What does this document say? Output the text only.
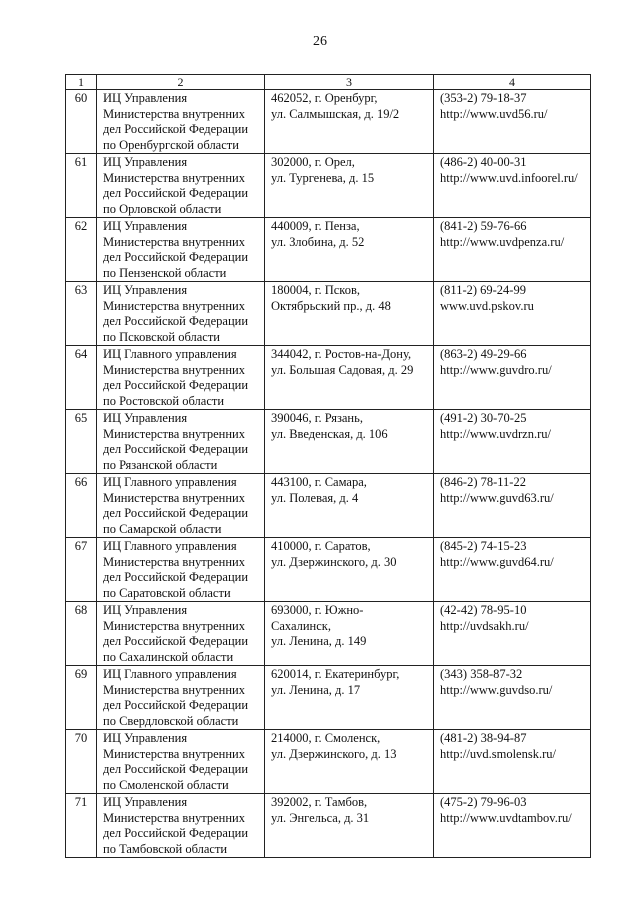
26
1	2	3	4
60	ИЦ Управления
Министерства внутренних
дел Российской Федерации
по Оренбургской области	462052, г. Оренбург,
ул. Салмышская, д. 19/2	(353-2) 79-18-37
http://www.uvd56.ru/

61	ИЦ Управления
Министерства внутренних
дел Российской Федерации
по Орловской области	302000, г. Орел,
ул. Тургенева, д. 15	(486-2) 40-00-31
http://www.uvd.infoorel.ru/

62	ИЦ Управления
Министерства внутренних
дел Российской Федерации
по Пензенской области	440009, г. Пенза,
ул. Злобина, д. 52	(841-2) 59-76-66
http://www.uvdpenza.ru/

63	ИЦ Управления
Министерства внутренних
дел Российской Федерации
по Псковской области	180004, г. Псков,
Октябрьский пр., д. 48	(811-2) 69-24-99
www.uvd.pskov.ru

64	ИЦ Главного управления
Министерства внутренних
дел Российской Федерации
по Ростовской области	344042, г. Ростов-на-Дону,
ул. Большая Садовая, д. 29	(863-2) 49-29-66
http://www.guvdro.ru/

65	ИЦ Управления
Министерства внутренних
дел Российской Федерации
по Рязанской области	390046, г. Рязань,
ул. Введенская, д. 106	(491-2) 30-70-25
http://www.uvdrzn.ru/

66	ИЦ Главного управления
Министерства внутренних
дел Российской Федерации
по Самарской области	443100, г. Самара,
ул. Полевая, д. 4	(846-2) 78-11-22
http://www.guvd63.ru/

67	ИЦ Главного управления
Министерства внутренних
дел Российской Федерации
по Саратовской области	410000, г. Саратов,
ул. Дзержинского, д. 30	(845-2) 74-15-23
http://www.guvd64.ru/

68	ИЦ Управления
Министерства внутренних
дел Российской Федерации
по Сахалинской области	693000, г. Южно-
Сахалинск,
ул. Ленина, д. 149	(42-42) 78-95-10
http://uvdsakh.ru/

69	ИЦ Главного управления
Министерства внутренних
дел Российской Федерации
по Свердловской области	620014, г. Екатеринбург,
ул. Ленина, д. 17	(343) 358-87-32
http://www.guvdso.ru/

70	ИЦ Управления
Министерства внутренних
дел Российской Федерации
по Смоленской области	214000, г. Смоленск,
ул. Дзержинского, д. 13	(481-2) 38-94-87
http://uvd.smolensk.ru/

71	ИЦ Управления
Министерства внутренних
дел Российской Федерации
по Тамбовской области	392002, г. Тамбов,
ул. Энгельса, д. 31	(475-2) 79-96-03
http://www.uvdtambov.ru/
